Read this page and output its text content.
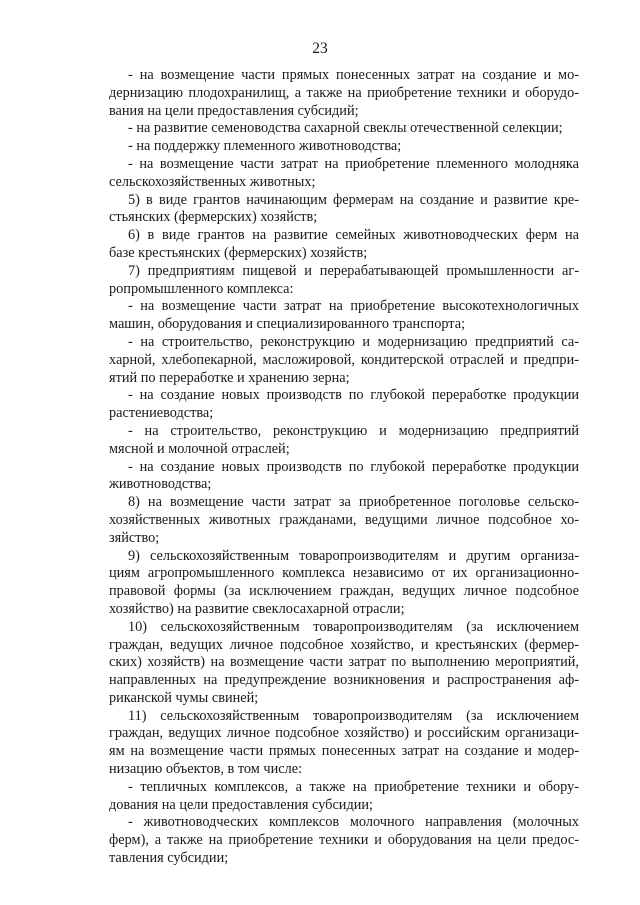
23
- на возмещение части прямых понесенных затрат на создание и мо-
дернизацию плодохранилищ, а также на приобретение техники и оборудо-
вания на цели предоставления субсидий;
- на развитие семеноводства сахарной свеклы отечественной селекции;
- на поддержку племенного животноводства;
- на возмещение части затрат на приобретение племенного молодняка
сельскохозяйственных животных;
5) в виде грантов начинающим фермерам на создание и развитие кре-
стьянских (фермерских) хозяйств;
6) в виде грантов на развитие семейных животноводческих ферм на
базе крестьянских (фермерских) хозяйств;
7) предприятиям пищевой и перерабатывающей промышленности аг-
ропромышленного комплекса:
- на возмещение части затрат на приобретение высокотехнологичных
машин, оборудования и специализированного транспорта;
- на строительство, реконструкцию и модернизацию предприятий са-
харной, хлебопекарной, масложировой, кондитерской отраслей и предпри-
ятий по переработке и хранению зерна;
- на создание новых производств по глубокой переработке продукции
растениеводства;
- на строительство, реконструкцию и модернизацию предприятий
мясной и молочной отраслей;
- на создание новых производств по глубокой переработке продукции
животноводства;
8) на возмещение части затрат за приобретенное поголовье сельско-
хозяйственных животных гражданами, ведущими личное подсобное хо-
зяйство;
9) сельскохозяйственным товаропроизводителям и другим организа-
циям агропромышленного комплекса независимо от их организационно-
правовой формы (за исключением граждан, ведущих личное подсобное
хозяйство) на развитие свеклосахарной отрасли;
10) сельскохозяйственным товаропроизводителям (за исключением
граждан, ведущих личное подсобное хозяйство, и крестьянских (фермер-
ских) хозяйств) на возмещение части затрат по выполнению мероприятий,
направленных на предупреждение возникновения и распространения аф-
риканской чумы свиней;
11) сельскохозяйственным товаропроизводителям (за исключением
граждан, ведущих личное подсобное хозяйство) и российским организаци-
ям на возмещение части прямых понесенных затрат на создание и модер-
низацию объектов, в том числе:
- тепличных комплексов, а также на приобретение техники и обору-
дования на цели предоставления субсидии;
- животноводческих комплексов молочного направления (молочных
ферм), а также на приобретение техники и оборудования на цели предос-
тавления субсидии;
